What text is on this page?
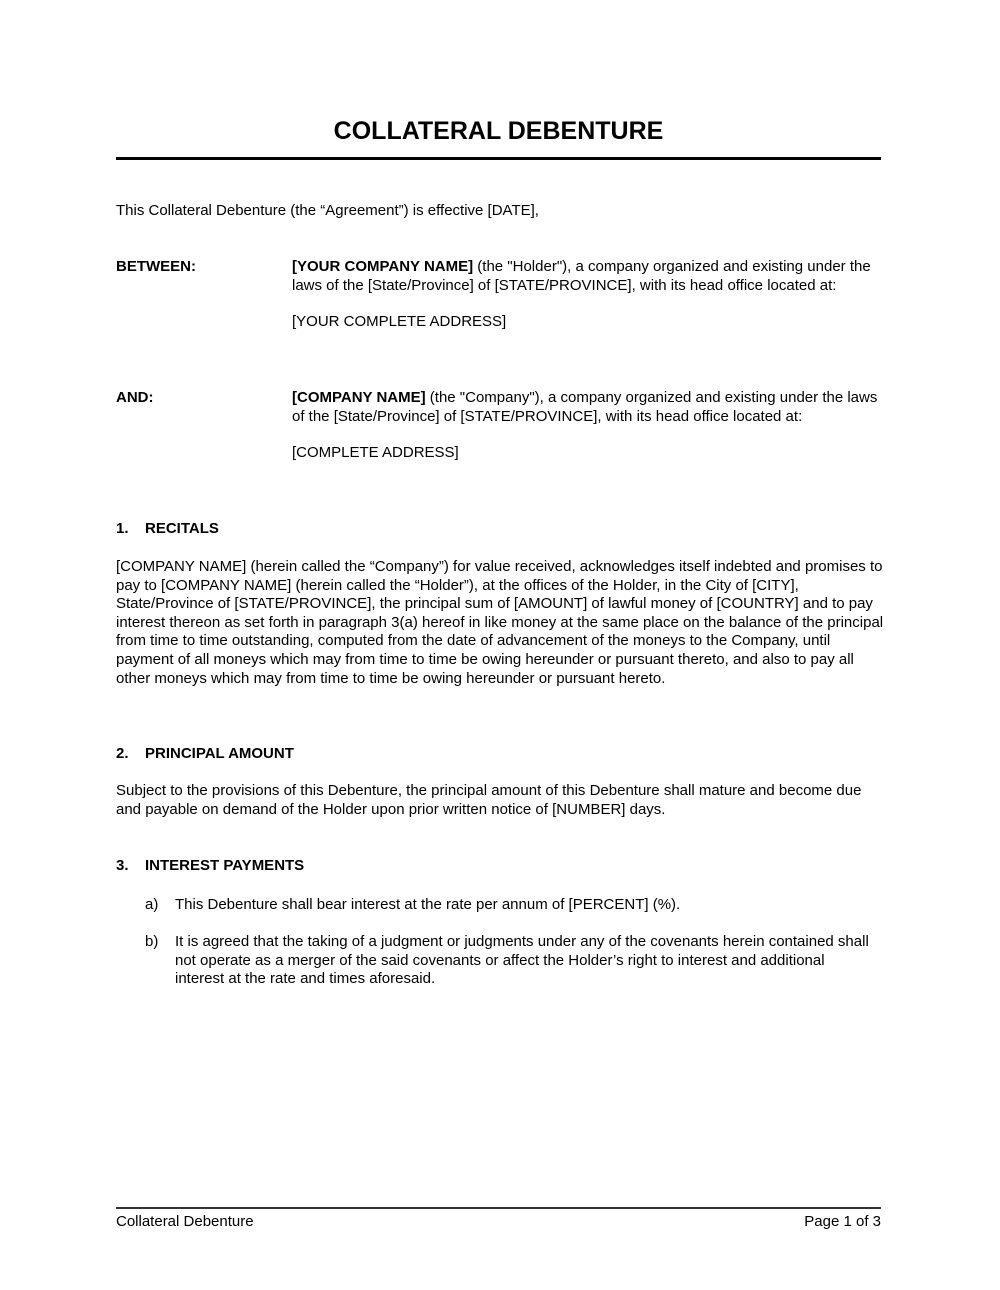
COLLATERAL DEBENTURE
This Collateral Debenture (the “Agreement”) is effective [DATE],
BETWEEN:	[YOUR COMPANY NAME] (the "Holder"), a company organized and existing under the laws of the [State/Province] of [STATE/PROVINCE], with its head office located at:

[YOUR COMPLETE ADDRESS]

AND:	[COMPANY NAME] (the "Company"), a company organized and existing under the laws of the [State/Province] of [STATE/PROVINCE], with its head office located at:

[COMPLETE ADDRESS]

1. RECITALS

[COMPANY NAME] (herein called the “Company”) for value received, acknowledges itself indebted and promises to pay to [COMPANY NAME] (herein called the “Holder”), at the offices of the Holder, in the City of [CITY], State/Province of [STATE/PROVINCE], the principal sum of [AMOUNT] of lawful money of [COUNTRY] and to pay interest thereon as set forth in paragraph 3(a) hereof in like money at the same place on the balance of the principal from time to time outstanding, computed from the date of advancement of the moneys to the Company, until payment of all moneys which may from time to time be owing hereunder or pursuant thereto, and also to pay all other moneys which may from time to time be owing hereunder or pursuant hereto.

2. PRINCIPAL AMOUNT

Subject to the provisions of this Debenture, the principal amount of this Debenture shall mature and become due and payable on demand of the Holder upon prior written notice of [NUMBER] days.

3. INTEREST PAYMENTS
a) This Debenture shall bear interest at the rate per annum of [PERCENT] (%).
b) It is agreed that the taking of a judgment or judgments under any of the covenants herein contained shall not operate as a merger of the said covenants or affect the Holder’s right to interest and additional interest at the rate and times aforesaid.
Collateral Debenture	Page 1 of 3
